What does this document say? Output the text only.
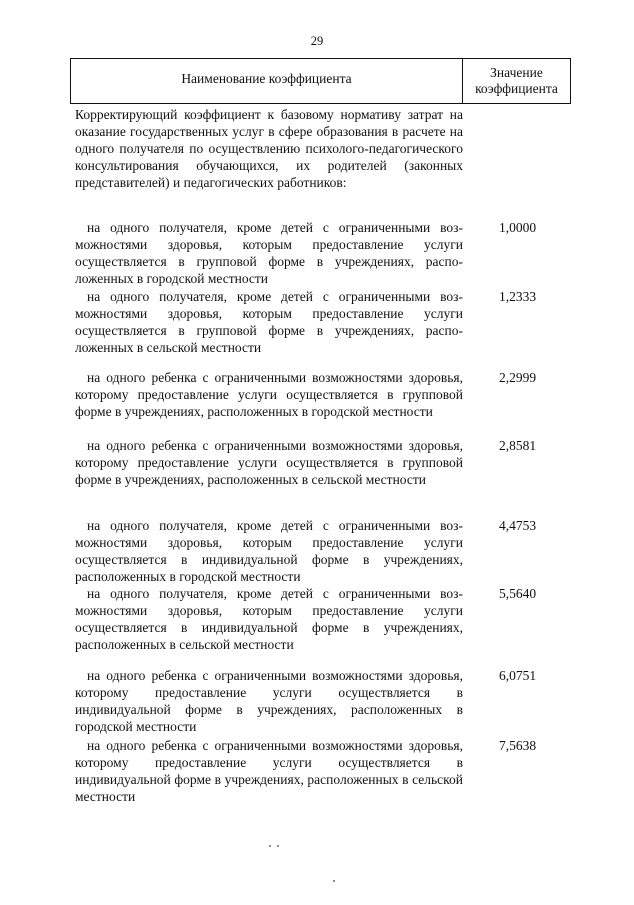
29
Наименование коэффициента	Значение
коэффициента
Корректирующий коэффициент к базовому нормативу затрат на оказание государственных услуг в сфере образования в расчете на одного получателя по осуществлению психолого-педагогического консультирования обучающихся, их родителей (законных представителей) и педагогических работников:
на одного получателя, кроме детей с ограниченными возможностями здоровья, которым предоставление услуги осуществляется в групповой форме в учреждениях, расположенных в городской местности
1,0000
на одного получателя, кроме детей с ограниченными возможностями здоровья, которым предоставление услуги осуществляется в групповой форме в учреждениях, расположенных в сельской местности
1,2333
на одного ребенка с ограниченными возможностями здоровья, которому предоставление услуги осуществляется в групповой форме в учреждениях, расположенных в городской местности
2,2999
на одного ребенка с ограниченными возможностями здоровья, которому предоставление услуги осуществляется в групповой форме в учреждениях, расположенных в сельской местности
2,8581
на одного получателя, кроме детей с ограниченными возможностями здоровья, которым предоставление услуги осуществляется в индивидуальной форме в учреждениях, расположенных в городской местности
4,4753
на одного получателя, кроме детей с ограниченными возможностями здоровья, которым предоставление услуги осуществляется в индивидуальной форме в учреждениях, расположенных в сельской местности
5,5640
на одного ребенка с ограниченными возможностями здоровья, которому предоставление услуги осуществляется в индивидуальной форме в учреждениях, расположенных в городской местности
6,0751
на одного ребенка с ограниченными возможностями здоровья, которому предоставление услуги осуществляется в индивидуальной форме в учреждениях, расположенных в сельской местности
7,5638
